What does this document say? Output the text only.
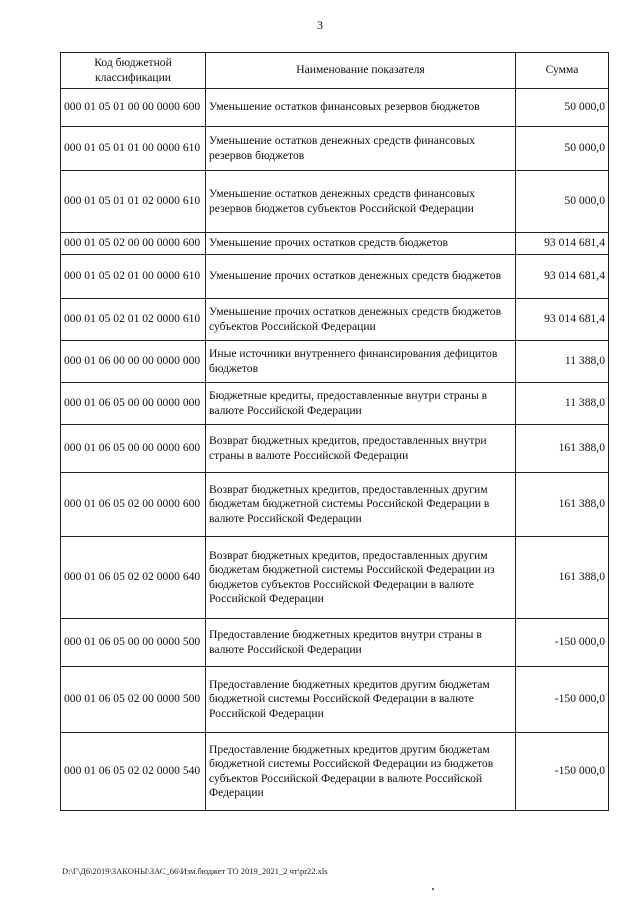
3
Код бюджетной классификации	Наименование показателя	Сумма
000 01 05 01 00 00 0000 600	Уменьшение остатков финансовых резервов бюджетов	50 000,0
000 01 05 01 01 00 0000 610	Уменьшение остатков денежных средств финансовых резервов бюджетов	50 000,0
000 01 05 01 01 02 0000 610	Уменьшение остатков денежных средств финансовых резервов бюджетов субъектов Российской Федерации	50 000,0
000 01 05 02 00 00 0000 600	Уменьшение прочих остатков средств бюджетов	93 014 681,4
000 01 05 02 01 00 0000 610	Уменьшение прочих остатков денежных средств бюджетов	93 014 681,4
000 01 05 02 01 02 0000 610	Уменьшение прочих остатков денежных средств бюджетов субъектов Российской Федерации	93 014 681,4
000 01 06 00 00 00 0000 000	Иные источники внутреннего финансирования дефицитов бюджетов	11 388,0
000 01 06 05 00 00 0000 000	Бюджетные кредиты, предоставленные внутри страны в валюте Российской Федерации	11 388,0
000 01 06 05 00 00 0000 600	Возврат бюджетных кредитов, предоставленных внутри страны в валюте Российской Федерации	161 388,0
000 01 06 05 02 00 0000 600	Возврат бюджетных кредитов, предоставленных другим бюджетам бюджетной системы Российской Федерации в валюте Российской Федерации	161 388,0
000 01 06 05 02 02 0000 640	Возврат бюджетных кредитов, предоставленных другим бюджетам бюджетной системы Российской Федерации из бюджетов субъектов Российской Федерации в валюте Российской Федерации	161 388,0
000 01 06 05 00 00 0000 500	Предоставление бюджетных кредитов внутри страны в валюте Российской Федерации	-150 000,0
000 01 06 05 02 00 0000 500	Предоставление бюджетных кредитов другим бюджетам бюджетной системы Российской Федерации в валюте Российской Федерации	-150 000,0
000 01 06 05 02 02 0000 540	Предоставление бюджетных кредитов другим бюджетам бюджетной системы Российской Федерации из бюджетов субъектов Российской Федерации в валюте Российской Федерации	-150 000,0
D:\Г\Д6\2019\ЗАКОНЫ\ЗАС_66\Изм.бюджет ТО 2019_2021_2 чт\pr22.xls
